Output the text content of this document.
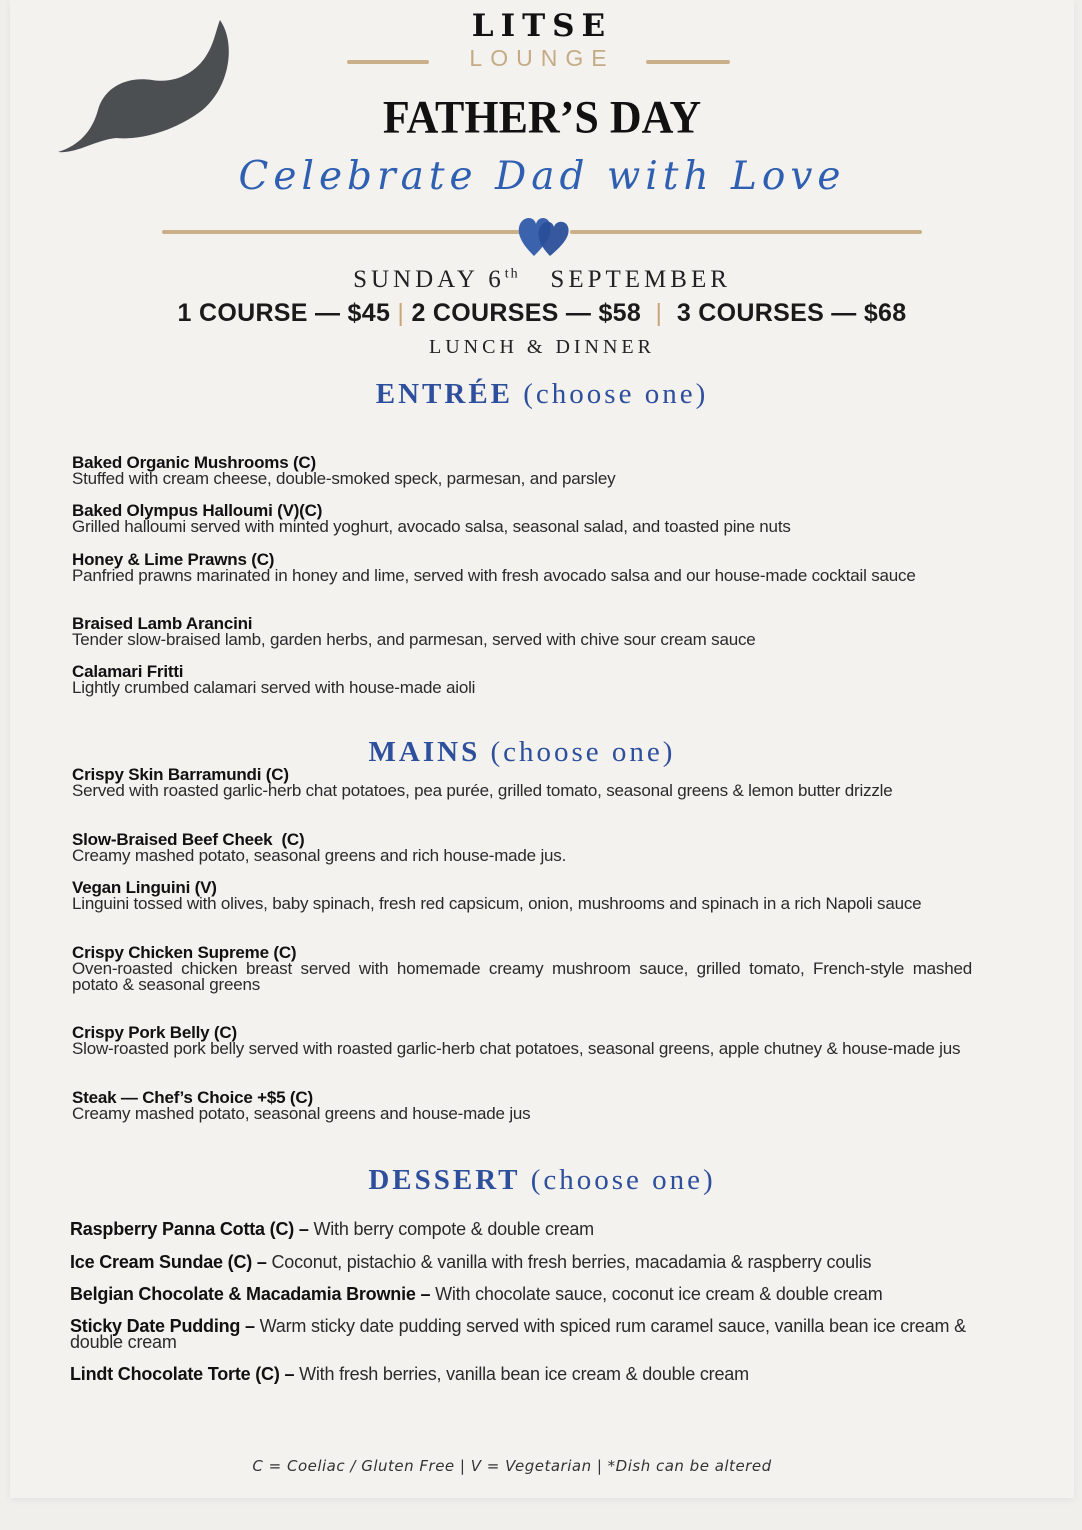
LITSE
LOUNGE
FATHER’S DAY
Celebrate Dad with Love
SUNDAY 6th SEPTEMBER
1 COURSE — $45 | 2 COURSES — $58  |  3 COURSES — $68
LUNCH & DINNER
ENTRÉE (choose one)
Baked Organic Mushrooms (C)
Stuffed with cream cheese, double-smoked speck, parmesan, and parsley
Baked Olympus Halloumi (V)(C)
Grilled halloumi served with minted yoghurt, avocado salsa, seasonal salad, and toasted pine nuts
Honey & Lime Prawns (C)
Panfried prawns marinated in honey and lime, served with fresh avocado salsa and our house-made cocktail sauce
Braised Lamb Arancini
Tender slow-braised lamb, garden herbs, and parmesan, served with chive sour cream sauce
Calamari Fritti
Lightly crumbed calamari served with house-made aioli
MAINS (choose one)
Crispy Skin Barramundi (C)
Served with roasted garlic-herb chat potatoes, pea purée, grilled tomato, seasonal greens & lemon butter drizzle
Slow-Braised Beef Cheek  (C)
Creamy mashed potato, seasonal greens and rich house-made jus.
Vegan Linguini (V)
Linguini tossed with olives, baby spinach, fresh red capsicum, onion, mushrooms and spinach in a rich Napoli sauce
Crispy Chicken Supreme (C)
Oven-roasted chicken breast served with homemade creamy mushroom sauce, grilled tomato, French-style mashed potato & seasonal greens
Crispy Pork Belly (C)
Slow-roasted pork belly served with roasted garlic-herb chat potatoes, seasonal greens, apple chutney & house-made jus
Steak — Chef’s Choice +$5 (C)
Creamy mashed potato, seasonal greens and house-made jus
DESSERT (choose one)
Raspberry Panna Cotta (C) – With berry compote & double cream
Ice Cream Sundae (C) – Coconut, pistachio & vanilla with fresh berries, macadamia & raspberry coulis
Belgian Chocolate & Macadamia Brownie – With chocolate sauce, coconut ice cream & double cream
Sticky Date Pudding – Warm sticky date pudding served with spiced rum caramel sauce, vanilla bean ice cream & double cream
Lindt Chocolate Torte (C) – With fresh berries, vanilla bean ice cream & double cream
C = Coeliac / Gluten Free | V = Vegetarian | *Dish can be altered
